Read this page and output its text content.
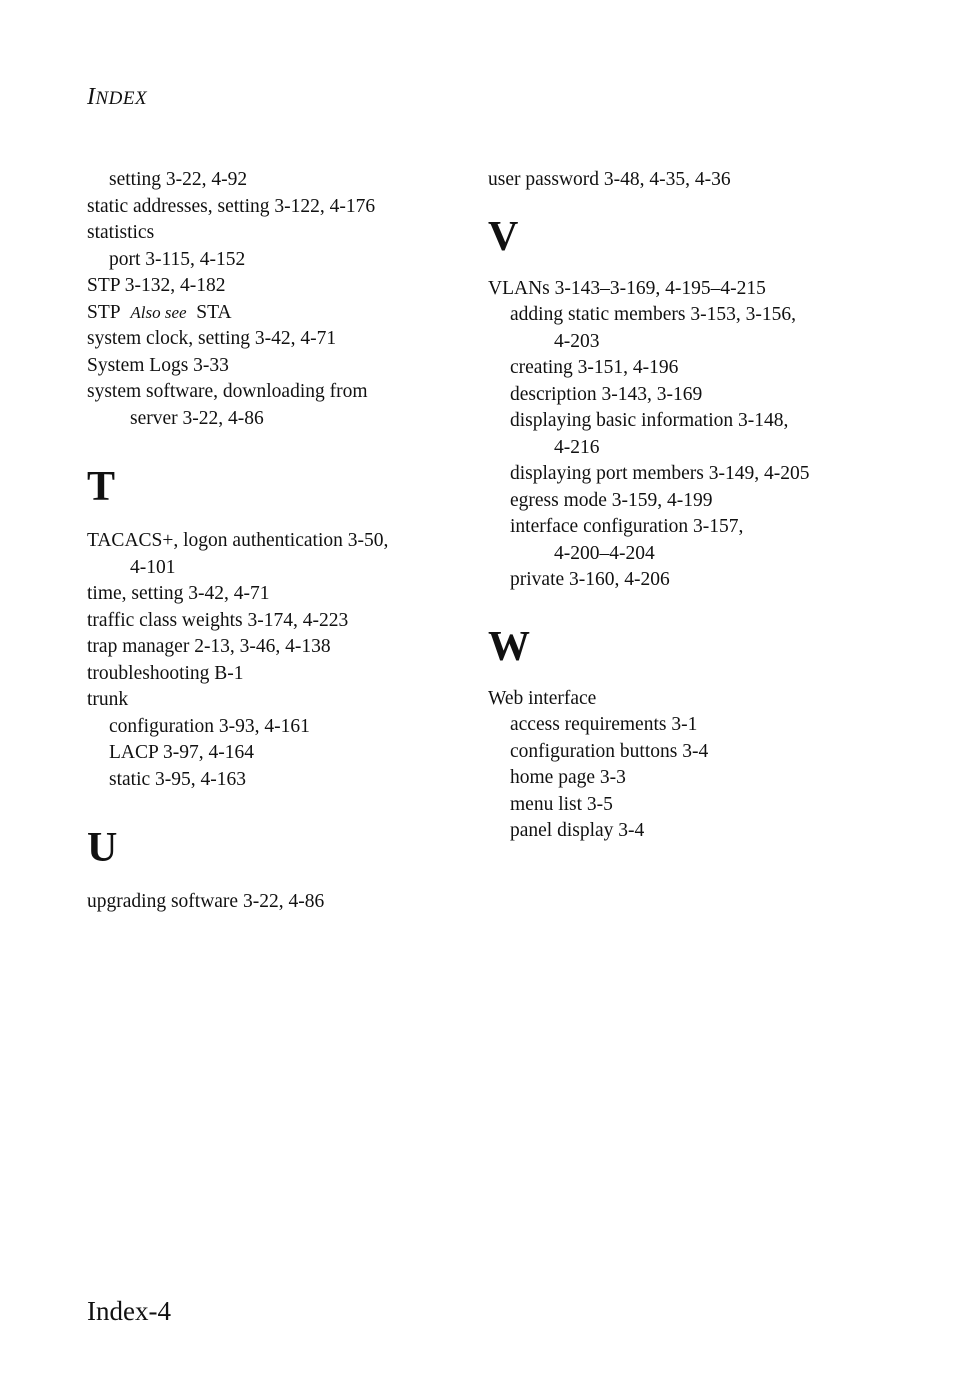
INDEX
setting 3-22, 4-92
static addresses, setting 3-122, 4-176
statistics
port 3-115, 4-152
STP 3-132, 4-182
STP  Also see  STA
system clock, setting 3-42, 4-71
System Logs 3-33
system software, downloading from
server 3-22, 4-86
T
TACACS+, logon authentication 3-50,
4-101
time, setting 3-42, 4-71
traffic class weights 3-174, 4-223
trap manager 2-13, 3-46, 4-138
troubleshooting B-1
trunk
configuration 3-93, 4-161
LACP 3-97, 4-164
static 3-95, 4-163
U
upgrading software 3-22, 4-86
user password 3-48, 4-35, 4-36
V
VLANs 3-143–3-169, 4-195–4-215
adding static members 3-153, 3-156,
4-203
creating 3-151, 4-196
description 3-143, 3-169
displaying basic information 3-148,
4-216
displaying port members 3-149, 4-205
egress mode 3-159, 4-199
interface configuration 3-157,
4-200–4-204
private 3-160, 4-206
W
Web interface
access requirements 3-1
configuration buttons 3-4
home page 3-3
menu list 3-5
panel display 3-4
Index-4
